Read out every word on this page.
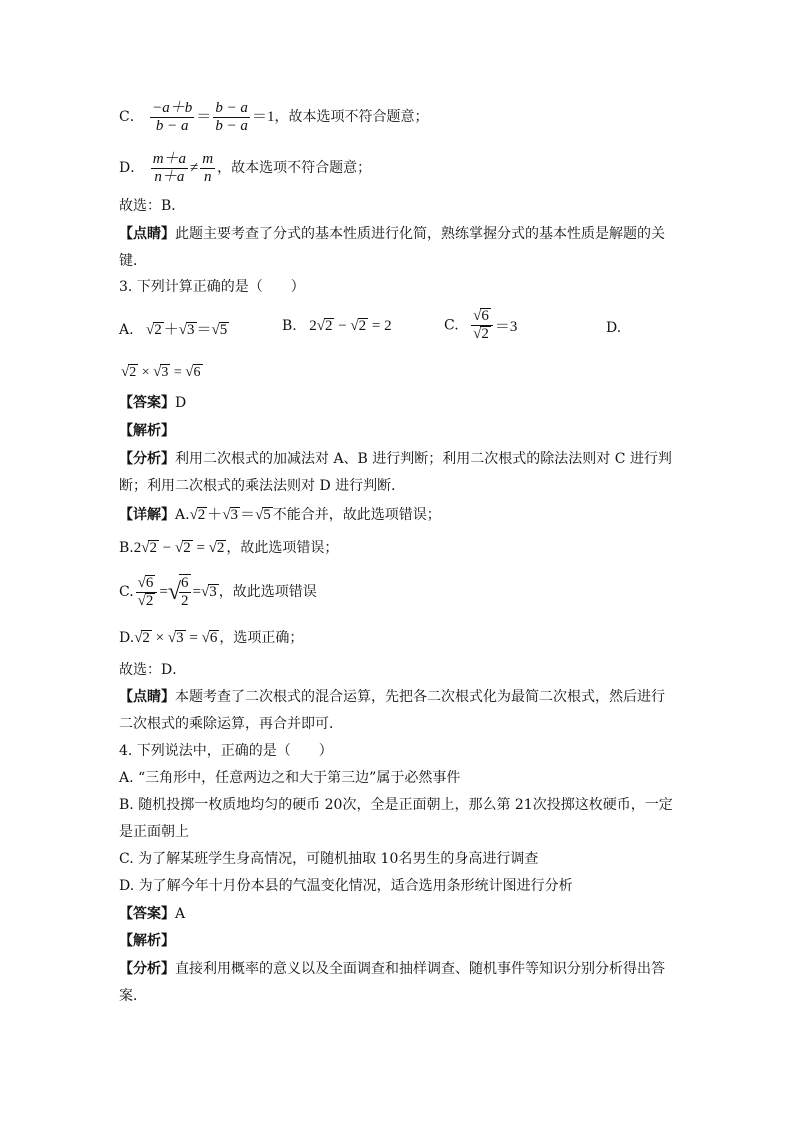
C． $\frac{-a+b}{b - a} = \frac{b - a}{b - a} =1$，故本选项不符合题意；
D． $\frac{m+a}{n+a} \ne \frac{m}{n}$ ，故本选项不符合题意；
故选：B．
【点睛】此题主要考查了分式的基本性质进行化简，熟练掌握分式的基本性质是解题的关
键．
3. 下列计算正确的是（　　）
A. √2 ＋√3 ＝√5	B. 2√2 − √2 = 2	C. $\frac{√6}{√2} =3$	D.
√2 × √3 = √6
【答案】D
【解析】
【分析】利用二次根式的加减法对 A、B 进行判断；利用二次根式的除法法则对 C 进行判
断；利用二次根式的乘法法则对 D 进行判断．
【详解】A.√2 ＋√3 ＝√5 不能合并，故此选项错误；
B.2√2 − √2 = √2 ，故此选项错误；
C. $\frac{√6}{√2}$ =√
$\frac{6}{2} =√3$ ，故此选项错误
D.√2 × √3 = √6 ，选项正确；
故选：D．
【点睛】本题考查了二次根式的混合运算，先把各二次根式化为最简二次根式，然后进行
二次根式的乘除运算，再合并即可．
4. 下列说法中，正确的是（　　）
A. “三角形中，任意两边之和大于第三边”属于必然事件
B. 随机投掷一枚质地均匀的硬币 20次，全是正面朝上，那么第 21次投掷这枚硬币，一定
是正面朝上
C. 为了解某班学生身高情况，可随机抽取 10名男生的身高进行调查
D. 为了解今年十月份本县的气温变化情况，适合选用条形统计图进行分析
【答案】A
【解析】
【分析】直接利用概率的意义以及全面调查和抽样调查、随机事件等知识分别分析得出答
案．
